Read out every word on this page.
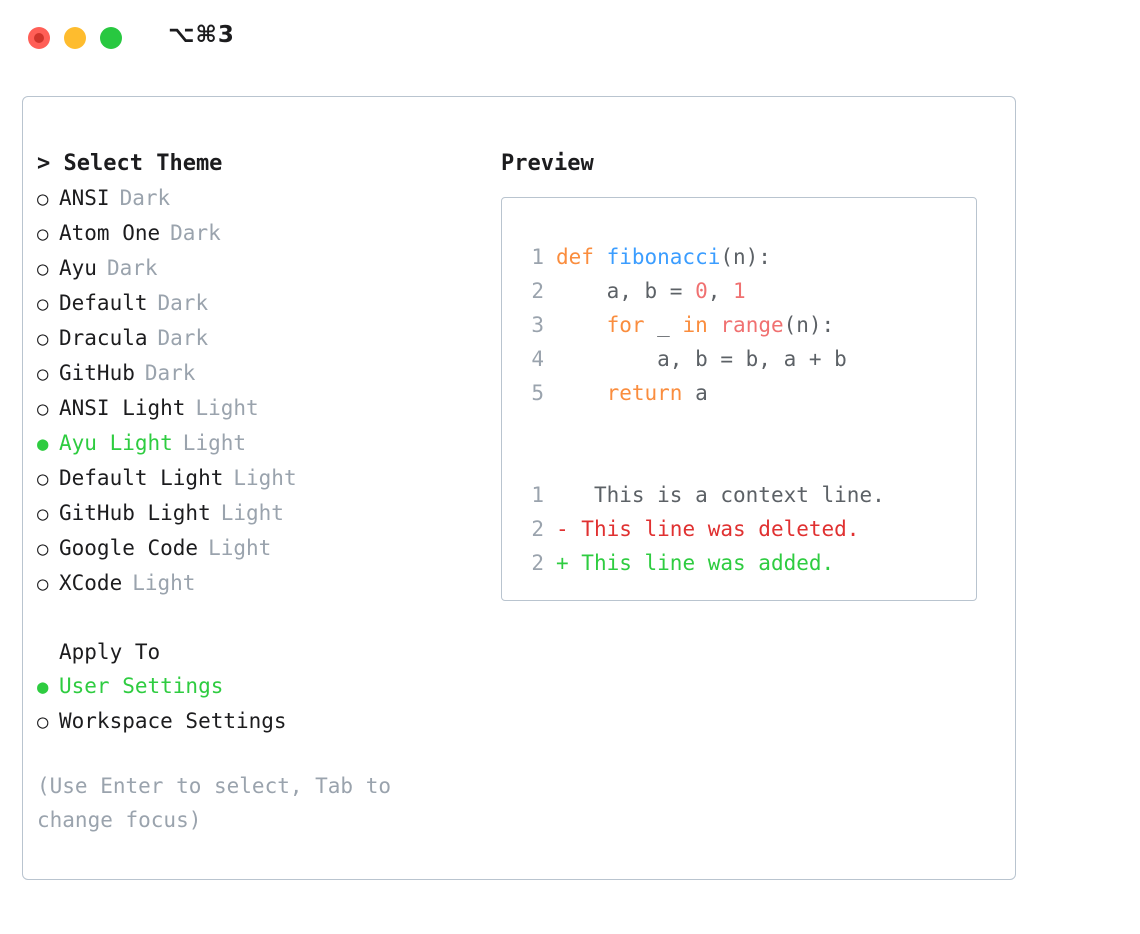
⌥⌘3
> Select Theme
○ ANSI Dark
○ Atom One Dark
○ Ayu Dark
○ Default Dark
○ Dracula Dark
○ GitHub Dark
○ ANSI Light Light
● Ayu Light Light
○ Default Light Light
○ GitHub Light Light
○ Google Code Light
○ XCode Light
Apply To
● User Settings
○ Workspace Settings
(Use Enter to select, Tab to change focus)
Preview
1 def fibonacci (n):
2 a, b = 0 , 1
3
	for _ in
range (n):
4 a, b = b, a + b
5
	return a
1
This is a context line.
2 - This line was deleted.
2 + This line was added.
